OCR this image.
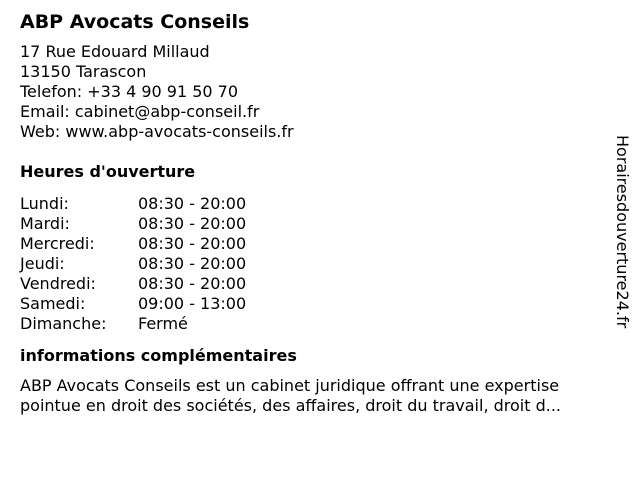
ABP Avocats Conseils
17 Rue Edouard Millaud
13150 Tarascon
Telefon: +33 4 90 91 50 70
Email: cabinet@abp-conseil.fr
Web: www.abp-avocats-conseils.fr
Heures d'ouverture
Lundi:	08:30 - 20:00
Mardi:	08:30 - 20:00
Mercredi:	08:30 - 20:00
Jeudi:	08:30 - 20:00
Vendredi:	08:30 - 20:00
Samedi:	09:00 - 13:00
Dimanche:	Fermé
informations complémentaires
ABP Avocats Conseils est un cabinet juridique offrant une expertise
pointue en droit des sociétés, des affaires, droit du travail, droit d...
Horairesdouverture24.fr
